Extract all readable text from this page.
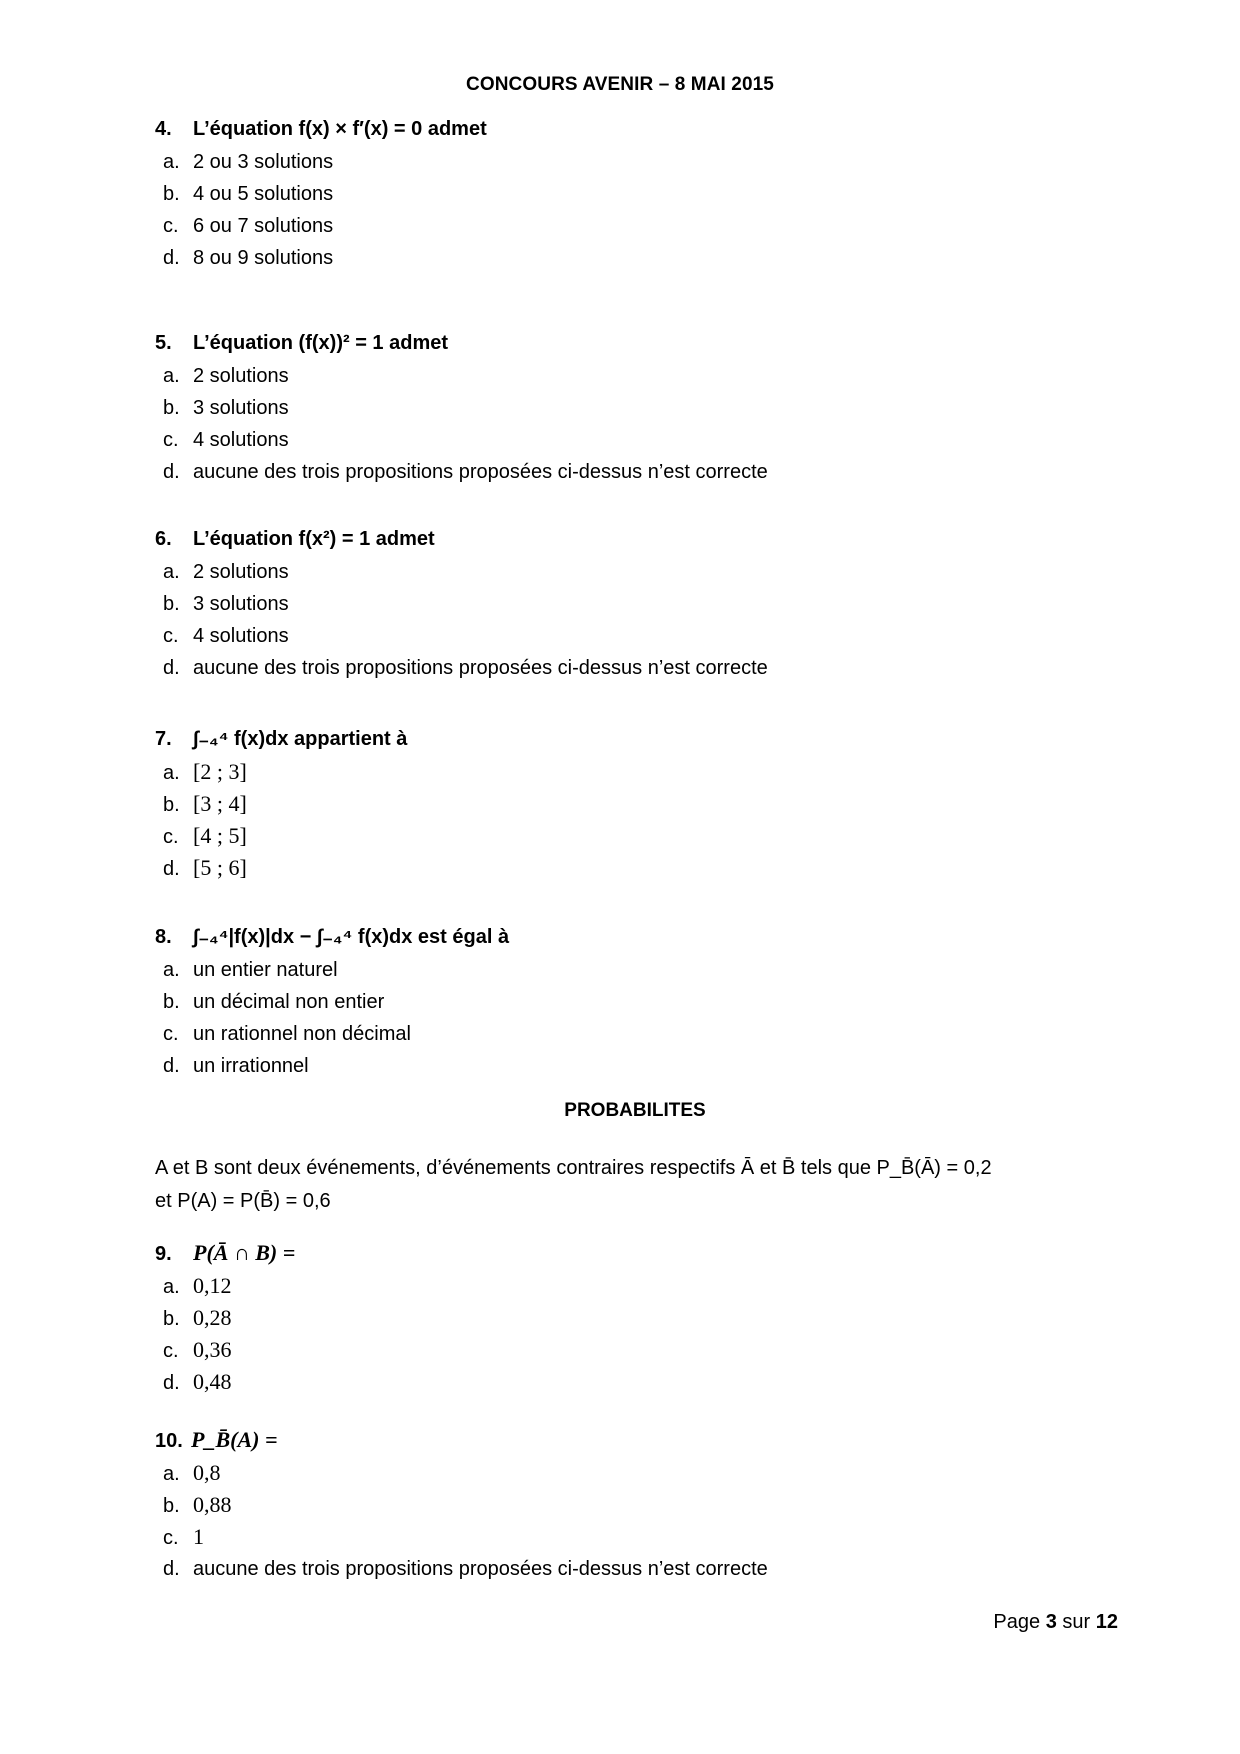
CONCOURS AVENIR – 8 MAI 2015
4. L’équation f(x) × f′(x) = 0 admet
a. 2 ou 3 solutions
b. 4 ou 5 solutions
c. 6 ou 7 solutions
d. 8 ou 9 solutions
5. L’équation (f(x))² = 1 admet
a. 2 solutions
b. 3 solutions
c. 4 solutions
d. aucune des trois propositions proposées ci-dessus n’est correcte
6. L’équation f(x²) = 1 admet
a. 2 solutions
b. 3 solutions
c. 4 solutions
d. aucune des trois propositions proposées ci-dessus n’est correcte
7. ∫₋₄⁴ f(x)dx appartient à
a. [2 ; 3]
b. [3 ; 4]
c. [4 ; 5]
d. [5 ; 6]
8. ∫₋₄⁴|f(x)|dx − ∫₋₄⁴ f(x)dx est égal à
a. un entier naturel
b. un décimal non entier
c. un rationnel non décimal
d. un irrationnel
PROBABILITES
A et B sont deux événements, d’événements contraires respectifs Ā et B̄ tels que P_B̄(Ā) = 0,2
et P(A) = P(B̄) = 0,6
9. P(Ā ∩ B) =
a. 0,12
b. 0,28
c. 0,36
d. 0,48
10. P_B̄(A) =
a. 0,8
b. 0,88
c. 1
d. aucune des trois propositions proposées ci-dessus n’est correcte
Page 3 sur 12
